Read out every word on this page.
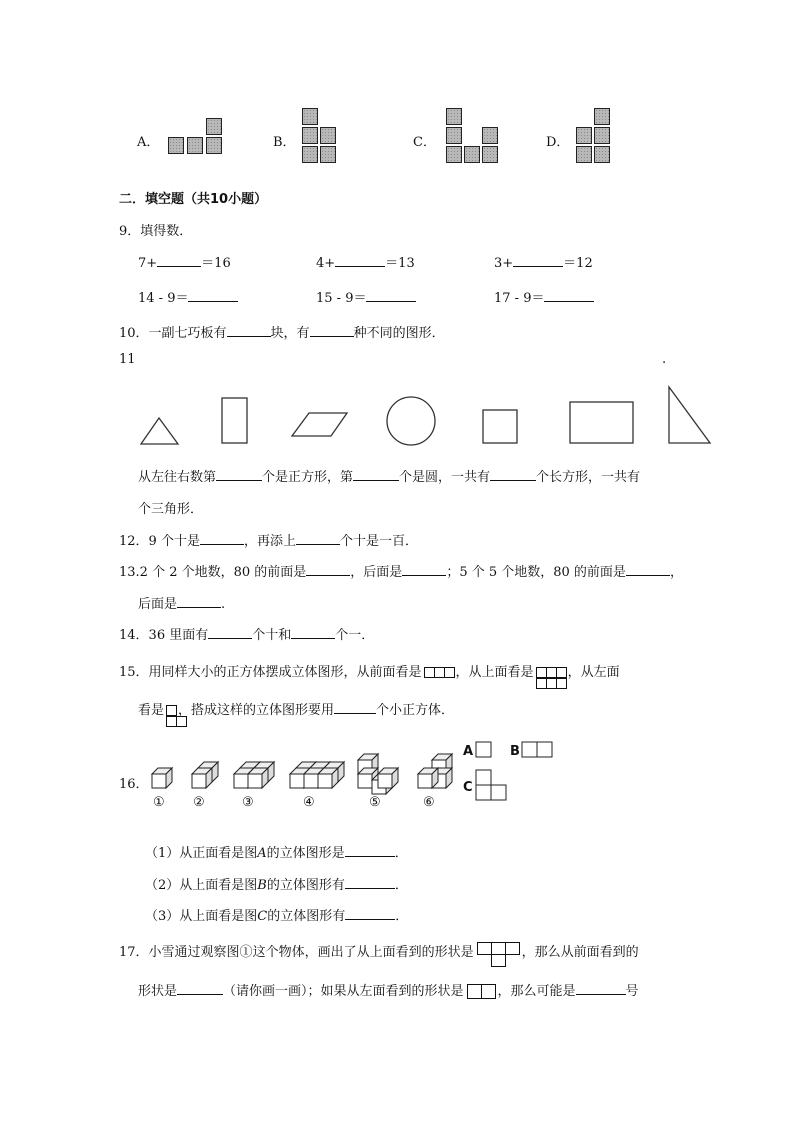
A．	B．	C．	D．
二．填空题（共10小题）
9．填得数．
7+	＝16	4+	＝13	3+	＝12
14 - 9＝	15 - 9＝	17 - 9＝
10．一副七巧板有	块，有	种不同的图形．
11	.
从左往右数第	个是正方形，第	个是圆，一共有	个长方形，一共有
个三角形．
12．9 个十是	，再添上	个十是一百．
13.2 个 2 个地数，80 的前面是	，后面是	；5 个 5 个地数，80 的前面是	，
后面是	.
14．36 里面有	个十和	个一．
15．用同样大小的正方体摆成立体图形，从前面看是	，从上面看是	，从左面
看是 ，搭成这样的立体图形要用	个小正方体．
16．
① ②	③	④	⑤	⑥
A	B
C
（1）从正面看是图A的立体图形是	．
（2）从上面看是图B的立体图形有	．
（3）从上面看是图C的立体图形有	．
17．小雪通过观察图①这个物体，画出了从上面看到的形状是	，那么从前面看到的
形状是	（请你画一画）；如果从左面看到的形状是	，那么可能是	号
